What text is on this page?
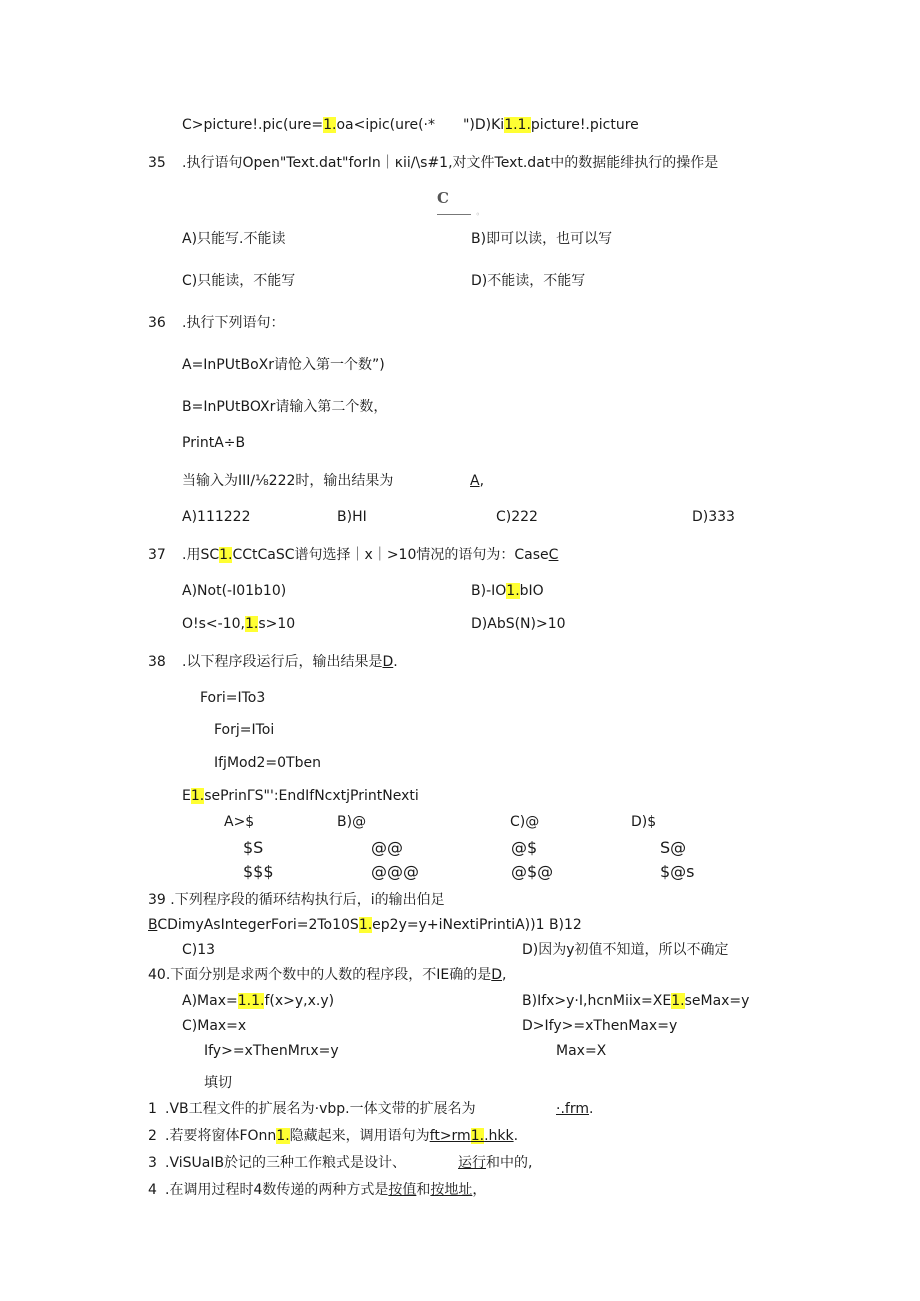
C>picture!.pic(ure=1.oa<ipic(ure(·* ")D)Ki1.1.picture!.picture
35 .执行语句Open"Text.dat"forIn｜κii∕\s#1,对文件Text.dat中的数据能绯执行的操作是
C  ◦
A)只能写.不能读	B)即可以读，也可以写
C)只能读，不能写	D)不能读，不能写
36 .执行下列语句：
A=InPUtBoXr请怆入第一个数”)
B=InPUtBOXr请输入第二个数，
PrintA÷B
当输入为III∕⅛222时，输出结果为	A,
A)111222	B)HI	C)222	D)333
37 .用SC1.CCtCaSC谱句选择｜x｜>10情况的语句为：CaseC
A)Not(-I01b10)	B)-IO1.bIO
O!s<-10,1.s>10	D)AbS(N)>10
38 .以下程序段运行后，输出结果是D.
Fori=ITo3
Forj=IToi
IfjMod2=0Tben
E1.sePrinΓS"':EndIfNcxtjPrintNexti
A>$	B)@	C)@	D)$
$S	@@	@$	S@
$$$	@@@	@$@	$@s
39 .下列程序段的循环结构执行后，i的输出伯足
BCDimyAsIntegerFori=2To10S1.ep2y=y+iNextiPrintiA))1 B)12
C)13	D)因为y初值不知道，所以不确定
40.下面分别是求两个数中的人数的程序段，不IE确的是D,
A)Max=1.1.f(x>y,x.y)	B)Ifx>y·I,hcnMiix=XE1.seMax=y
C)Max=x	D>Ify>=xThenMax=y
Ify>=xThenMrιx=y	Max=X
填切
1 .VB工程文件的扩展名为·vbp.一体文带的扩展名为	·.frm.
2 .若要将窗体FOnn1.隐藏起来，调用语句为ft>rm1..hkk.
3 .ViSUaIB於记的三种工作粮式是设计、	运行和中的,
4 .在调用过程时4数传递的两种方式是按值和按地址，
